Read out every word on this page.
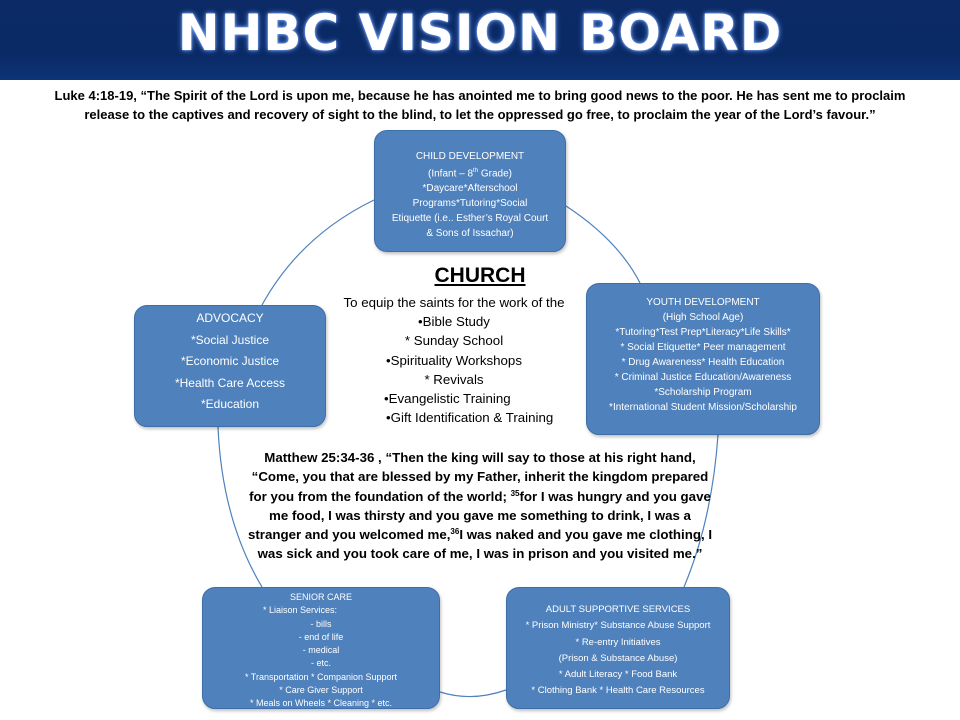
NHBC VISION BOARD
Luke 4:18-19, “The Spirit of the Lord is upon me, because he has anointed me to bring good news to the poor. He has sent me to proclaim
release to the captives and recovery of sight to the blind, to let the oppressed go free, to proclaim the year of the Lord’s favour.”
CHILD DEVELOPMENT
(Infant – 8th Grade)
*Daycare*Afterschool
Programs*Tutoring*Social
Etiquette (i.e.. Esther’s Royal Court
& Sons of Issachar)
YOUTH DEVELOPMENT
(High School Age)
*Tutoring*Test Prep*Literacy*Life Skills*
* Social Etiquette* Peer management
* Drug Awareness* Health Education
* Criminal Justice Education/Awareness
*Scholarship Program
*International Student Mission/Scholarship
ADVOCACY
*Social Justice
*Economic Justice
*Health Care Access
*Education
SENIOR CARE
* Liaison Services:
- bills
- end of life
- medical
- etc.
* Transportation * Companion Support
* Care Giver Support
* Meals on Wheels * Cleaning * etc.
ADULT SUPPORTIVE SERVICES
* Prison Ministry* Substance Abuse Support
* Re-entry Initiatives
(Prison & Substance Abuse)
* Adult Literacy * Food Bank
* Clothing Bank * Health Care Resources
CHURCH
To equip the saints for the work of the
•Bible Study
* Sunday School
•Spirituality Workshops
* Revivals
•Evangelistic Training
•Gift Identification & Training
Matthew 25:34-36 , “Then the king will say to those at his right hand, “Come, you that are blessed by my Father, inherit the kingdom prepared for you from the foundation of the world; $^{35}$for I was hungry and you gave me food, I was thirsty and you gave me something to drink, I was a stranger and you welcomed me,$^{36}$I was naked and you gave me clothing, I was sick and you took care of me, I was in prison and you visited me.”
